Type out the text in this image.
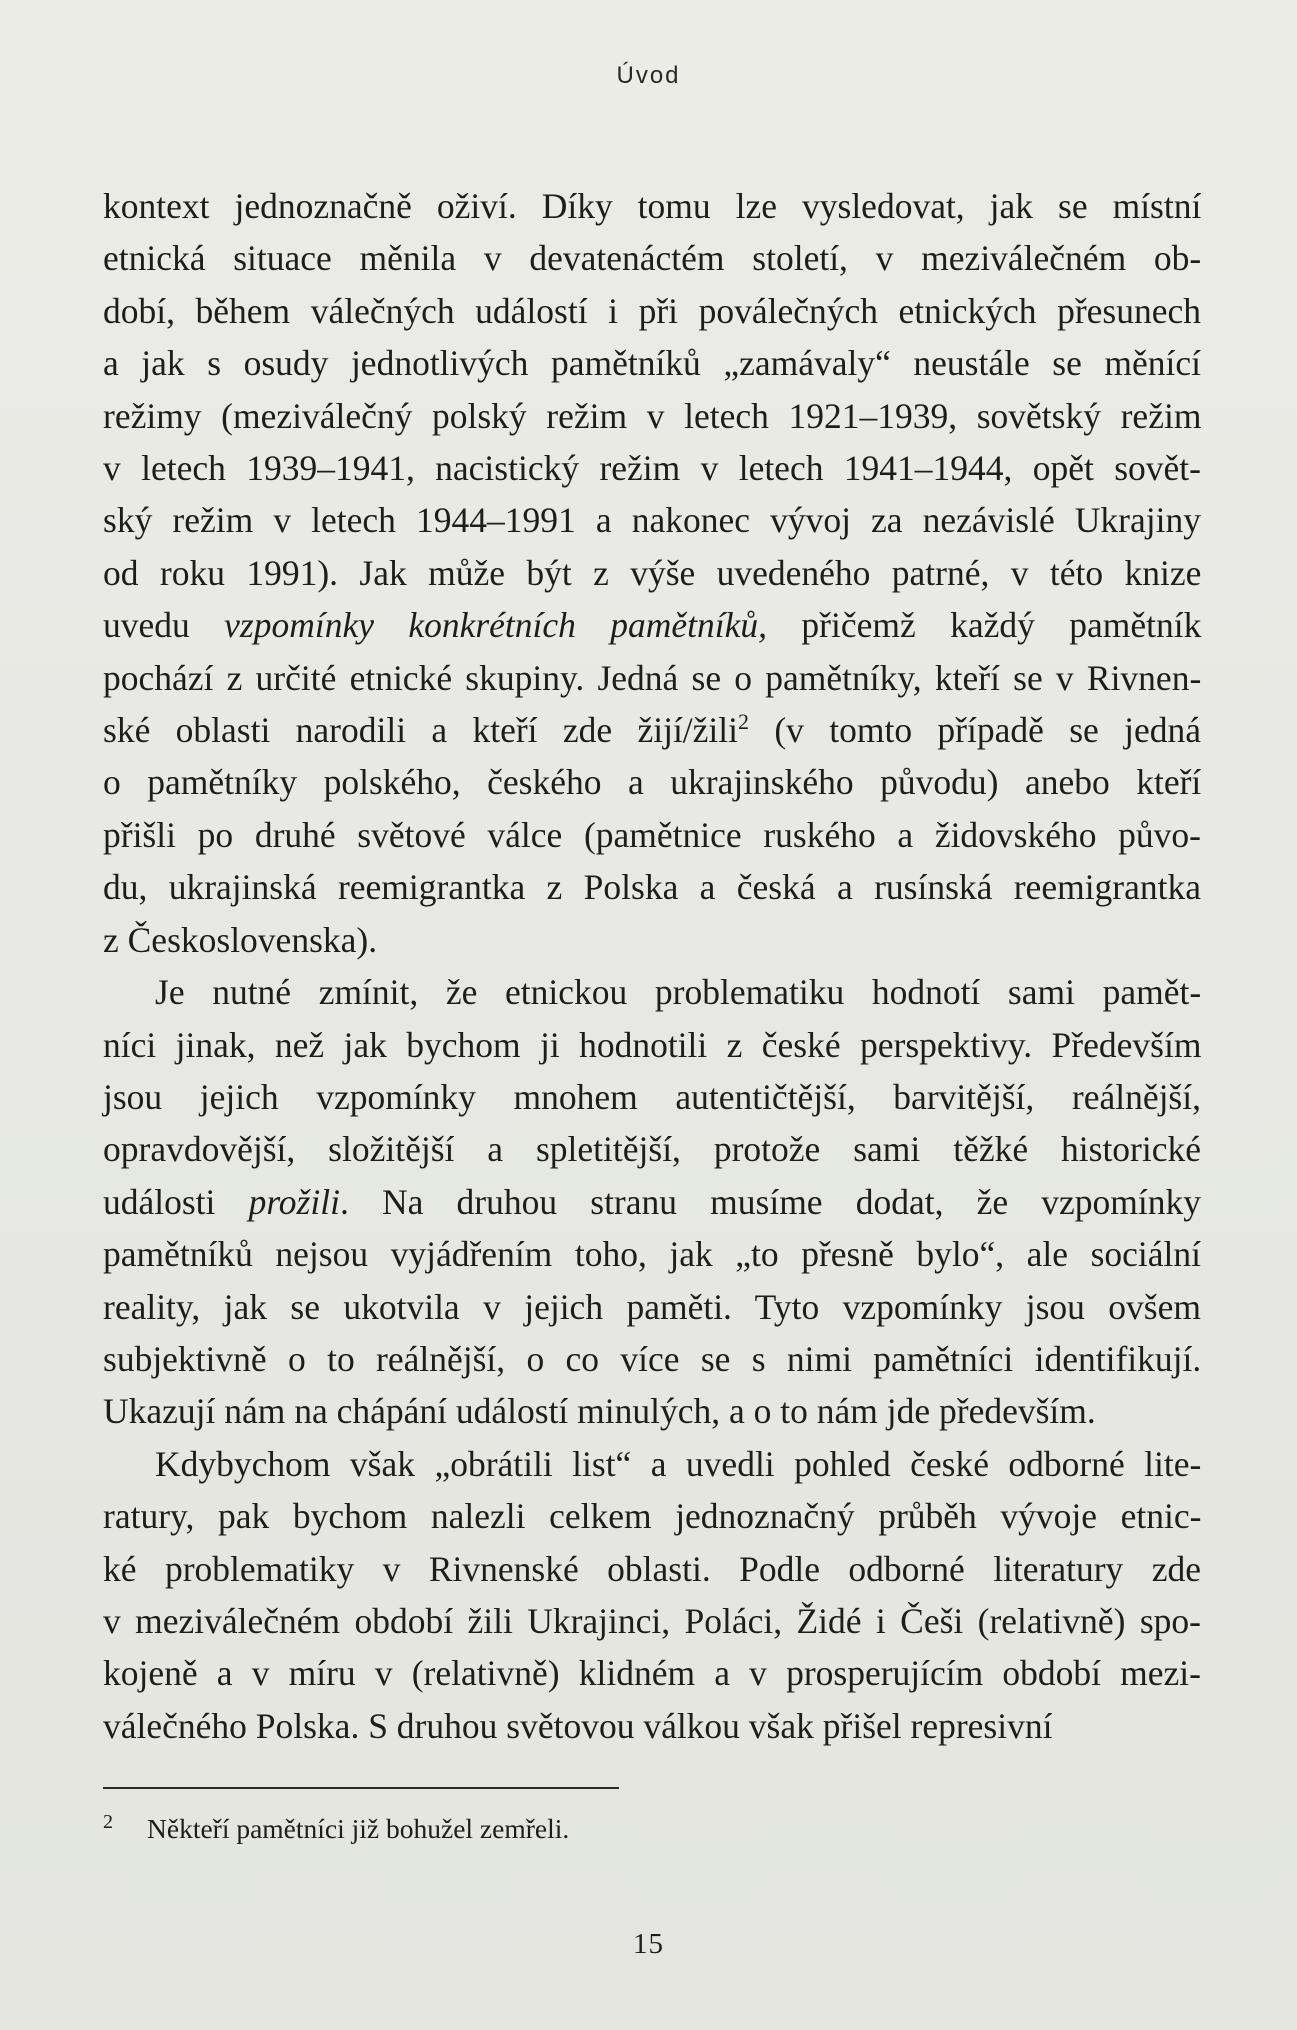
Úvod
kontext jednoznačně oživí. Díky tomu lze vysledovat, jak se místní
etnická situace měnila v devatenáctém století, v meziválečném ob-
dobí, během válečných událostí i při poválečných etnických přesunech
a jak s osudy jednotlivých pamětníků „zamávaly“ neustále se měnící
režimy (meziválečný polský režim v letech 1921–1939, sovětský režim
v letech 1939–1941, nacistický režim v letech 1941–1944, opět sovět-
ský režim v letech 1944–1991 a nakonec vývoj za nezávislé Ukrajiny
od roku 1991). Jak může být z výše uvedeného patrné, v této knize
uvedu vzpomínky konkrétních pamětníků, přičemž každý pamětník
pochází z určité etnické skupiny. Jedná se o pamětníky, kteří se v Rivnen-
ské oblasti narodili a kteří zde žijí/žili$^2$ (v tomto případě se jedná
o pamětníky polského, českého a ukrajinského původu) anebo kteří
přišli po druhé světové válce (pamětnice ruského a židovského půvo-
du, ukrajinská reemigrantka z Polska a česká a rusínská reemigrantka
z Československa).
Je nutné zmínit, že etnickou problematiku hodnotí sami pamět-
níci jinak, než jak bychom ji hodnotili z české perspektivy. Především
jsou jejich vzpomínky mnohem autentičtější, barvitější, reálnější,
opravdovější, složitější a spletitější, protože sami těžké historické
události prožili. Na druhou stranu musíme dodat, že vzpomínky
pamětníků nejsou vyjádřením toho, jak „to přesně bylo“, ale sociální
reality, jak se ukotvila v jejich paměti. Tyto vzpomínky jsou ovšem
subjektivně o to reálnější, o co více se s nimi pamětníci identifikují.
Ukazují nám na chápání událostí minulých, a o to nám jde především.
Kdybychom však „obrátili list“ a uvedli pohled české odborné lite-
ratury, pak bychom nalezli celkem jednoznačný průběh vývoje etnic-
ké problematiky v Rivnenské oblasti. Podle odborné literatury zde
v meziválečném období žili Ukrajinci, Poláci, Židé i Češi (relativně) spo-
kojeně a v míru v (relativně) klidném a v prosperujícím období mezi-
válečného Polska. S druhou světovou válkou však přišel represivní
2 Někteří pamětníci již bohužel zemřeli.
15
